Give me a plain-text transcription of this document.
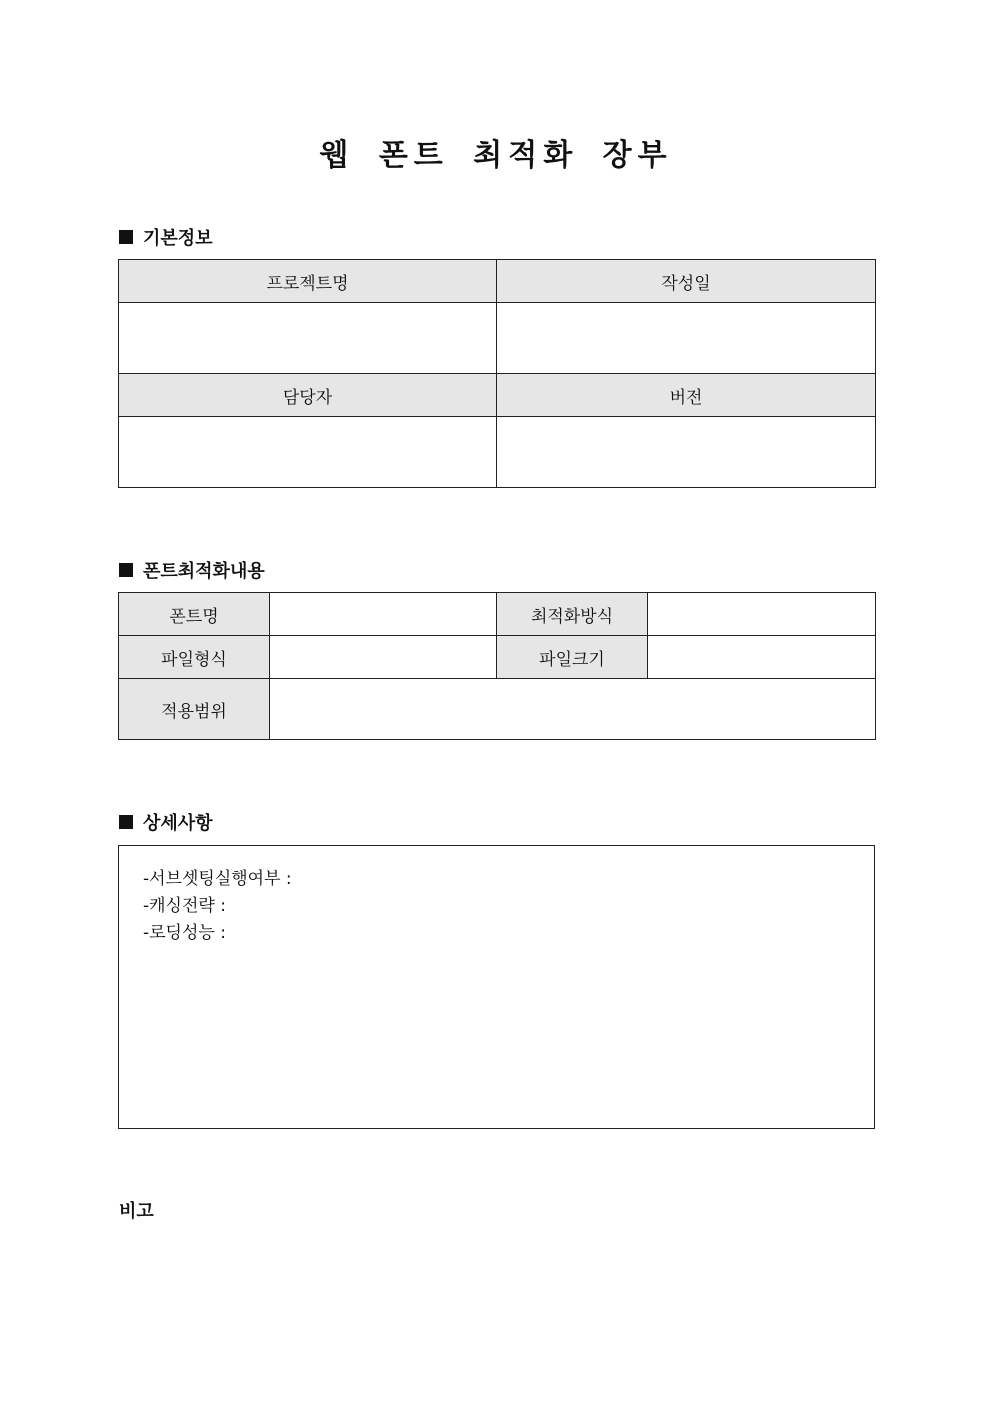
웹 폰트 최적화 장부
기본정보
프로젝트명	작성일

담당자	버전

폰트최적화내용
폰트명		최적화방식	
파일형식		파일크기	
적용범위			
상세사항
-서브셋팅실행여부 :
-캐싱전략 :
-로딩성능 :
비고
